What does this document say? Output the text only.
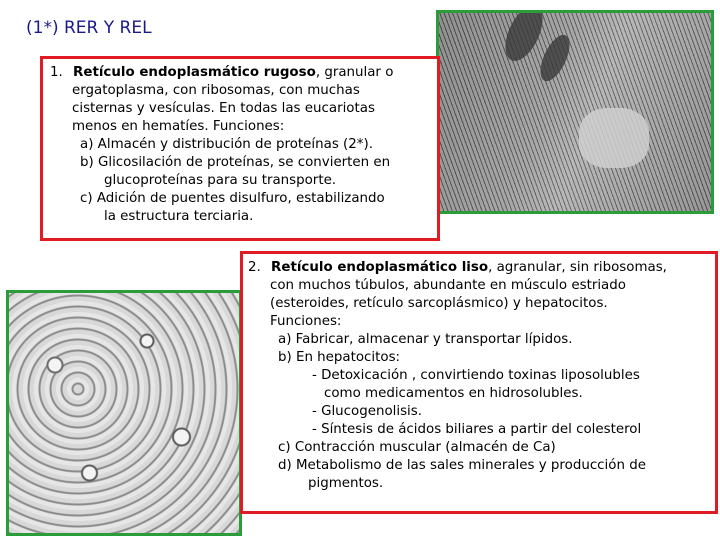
(1*) RER Y REL
1. Retículo endoplasmático rugoso, granular o
ergatoplasma, con ribosomas, con muchas
cisternas y vesículas. En todas las eucariotas
menos en hematíes. Funciones:
a) Almacén y distribución de proteínas (2*).
b) Glicosilación de proteínas, se convierten en
glucoproteínas para su transporte.
c) Adición de puentes disulfuro, estabilizando
la estructura terciaria.
2. Retículo endoplasmático liso, agranular, sin ribosomas,
con muchos túbulos, abundante en músculo estriado
(esteroides, retículo sarcoplásmico) y hepatocitos.
Funciones:
a) Fabricar, almacenar y transportar lípidos.
b) En hepatocitos:
- Detoxicación , convirtiendo toxinas liposolubles
como medicamentos en hidrosolubles.
- Glucogenolisis.
- Síntesis de ácidos biliares a partir del colesterol
c) Contracción muscular (almacén de Ca)
d) Metabolismo de las sales minerales y producción de
pigmentos.
